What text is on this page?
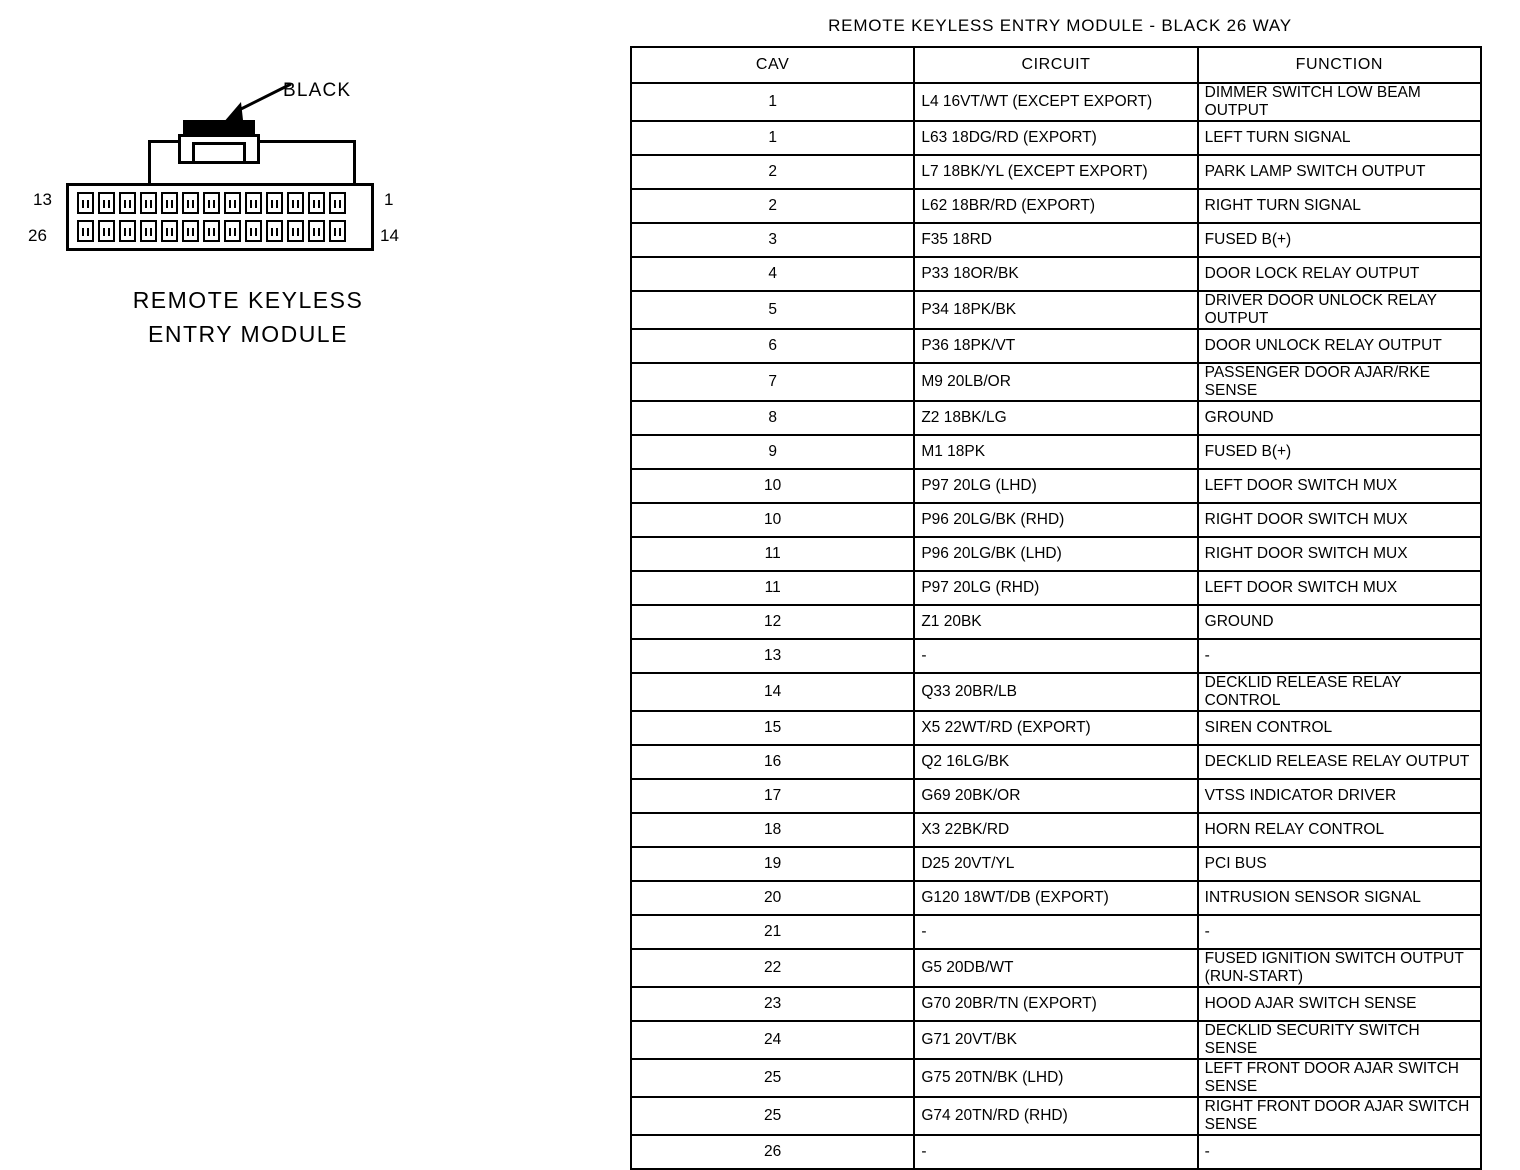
BLACK
13
26
1
14
REMOTE KEYLESS
ENTRY MODULE
REMOTE KEYLESS ENTRY MODULE - BLACK 26 WAY
CAV	CIRCUIT	FUNCTION
1	L4 16VT/WT (EXCEPT EXPORT)	DIMMER SWITCH LOW BEAM OUTPUT
1	L63 18DG/RD (EXPORT)	LEFT TURN SIGNAL
2	L7 18BK/YL (EXCEPT EXPORT)	PARK LAMP SWITCH OUTPUT
2	L62 18BR/RD (EXPORT)	RIGHT TURN SIGNAL
3	F35 18RD	FUSED B(+)
4	P33 18OR/BK	DOOR LOCK RELAY OUTPUT
5	P34 18PK/BK	DRIVER DOOR UNLOCK RELAY OUTPUT
6	P36 18PK/VT	DOOR UNLOCK RELAY OUTPUT
7	M9 20LB/OR	PASSENGER DOOR AJAR/RKE SENSE
8	Z2 18BK/LG	GROUND
9	M1 18PK	FUSED B(+)
10	P97 20LG (LHD)	LEFT DOOR SWITCH MUX
10	P96 20LG/BK (RHD)	RIGHT DOOR SWITCH MUX
11	P96 20LG/BK (LHD)	RIGHT DOOR SWITCH MUX
11	P97 20LG (RHD)	LEFT DOOR SWITCH MUX
12	Z1 20BK	GROUND
13	-	-
14	Q33 20BR/LB	DECKLID RELEASE RELAY CONTROL
15	X5 22WT/RD (EXPORT)	SIREN CONTROL
16	Q2 16LG/BK	DECKLID RELEASE RELAY OUTPUT
17	G69 20BK/OR	VTSS INDICATOR DRIVER
18	X3 22BK/RD	HORN RELAY CONTROL
19	D25 20VT/YL	PCI BUS
20	G120 18WT/DB (EXPORT)	INTRUSION SENSOR SIGNAL
21	-	-
22	G5 20DB/WT	FUSED IGNITION SWITCH OUTPUT (RUN-START)
23	G70 20BR/TN (EXPORT)	HOOD AJAR SWITCH SENSE
24	G71 20VT/BK	DECKLID SECURITY SWITCH SENSE
25	G75 20TN/BK (LHD)	LEFT FRONT DOOR AJAR SWITCH SENSE
25	G74 20TN/RD (RHD)	RIGHT FRONT DOOR AJAR SWITCH SENSE
26	-	-
